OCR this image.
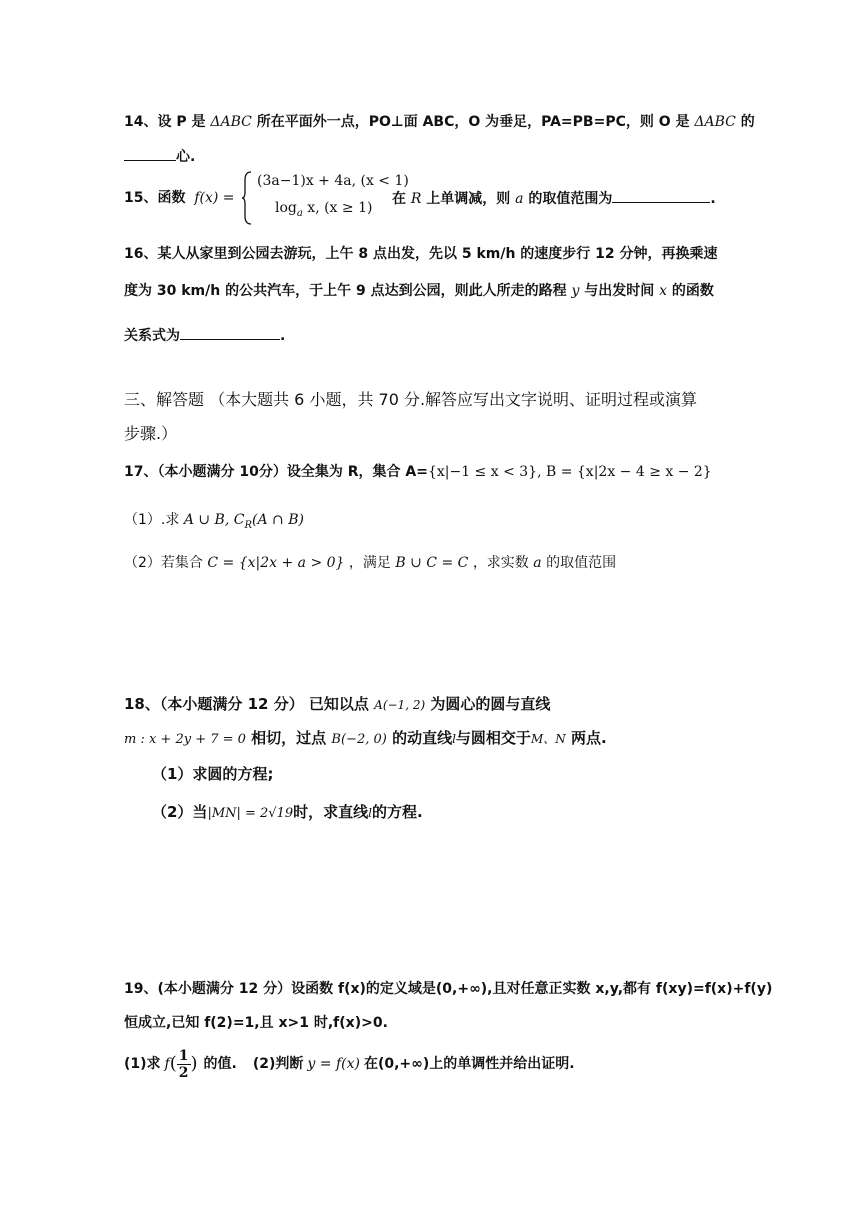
14、设 P 是 ΔABC 所在平面外一点，PO⊥面 ABC，O 为垂足，PA=PB=PC，则 O 是 ΔABC 的
心.
15、函数 f(x) =
(3a−1)x + 4a, (x < 1)
$\log_a x$, (x ≥ 1)
在 R 上单调减，则 a 的取值范围为	.
16、某人从家里到公园去游玩，上午 8 点出发，先以 5 km/h 的速度步行 12 分钟，再换乘速
度为 30 km/h 的公共汽车，于上午 9 点达到公园，则此人所走的路程 y 与出发时间 x 的函数
关系式为	.
三、解答题 （本大题共 6 小题，共 70 分.解答应写出文字说明、证明过程或演算
步骤.）
17、（本小题满分 10分）设全集为 R，集合 A={x|−1 ≤ x < 3}, B = {x|2x − 4 ≥ x − 2}
（1）.求 A ∪ B, $C_R(A$ ∩ B)
（2）若集合 C = {x|2x + a > 0} ，满足 B ∪ C = C ，求实数 a 的取值范围
18、（本小题满分 12 分） 已知以点 A(−1, 2) 为圆心的圆与直线
m : x + 2y + 7 = 0 相切，过点 B(−2, 0) 的动直线l与圆相交于M、N 两点.
（1）求圆的方程;
（2）当|MN| = 2√19时，求直线l的方程.
19、(本小题满分 12 分）设函数 f(x)的定义域是(0,+∞),且对任意正实数 x,y,都有 f(xy)=f(x)+f(y)
恒成立,已知 f(2)=1,且 x>1 时,f(x)>0.
(1)求 f ( $\frac{1}{2}$ ) 的值. (2)判断 y = f(x) 在(0,+∞)上的单调性并给出证明.
